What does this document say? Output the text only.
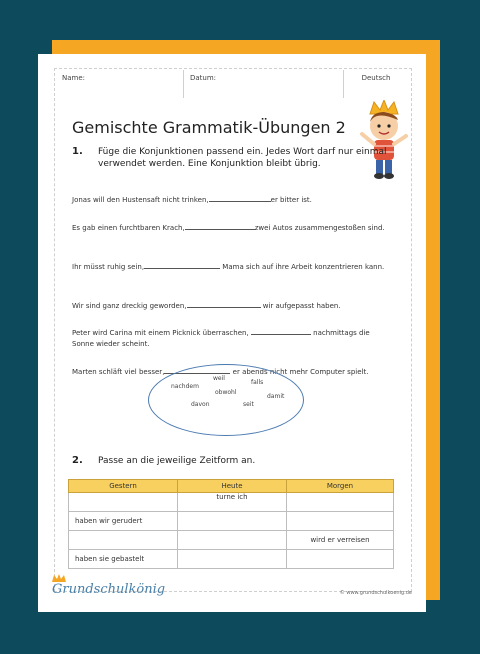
Name:	Datum:	Deutsch
Gemischte Grammatik-Übungen 2
1. Füge die Konjunktionen passend ein. Jedes Wort darf nur einmal verwendet werden. Eine Konjunktion bleibt übrig.
Jonas will den Hustensaft nicht trinken,	er bitter ist.
Es gab einen furchtbaren Krach,	zwei Autos zusammengestoßen sind.
Ihr müsst ruhig sein,	Mama sich auf ihre Arbeit konzentrieren kann.
Wir sind ganz dreckig geworden,	wir aufgepasst haben.
Peter wird Carina mit einem Picknick überraschen,	nachmittags die Sonne wieder scheint.
Marten schläft viel besser,	er abends nicht mehr Computer spielt.
weil
falls
nachdem
obwohl
damit
davon	seit
2. Passe an die jeweilige Zeitform an.
Gestern	Heute	Morgen
	turne ich	
haben wir gerudert		
		wird er verreisen
haben sie gebastelt		
Grundschulkönig	© www.grundschulkoenig.de
